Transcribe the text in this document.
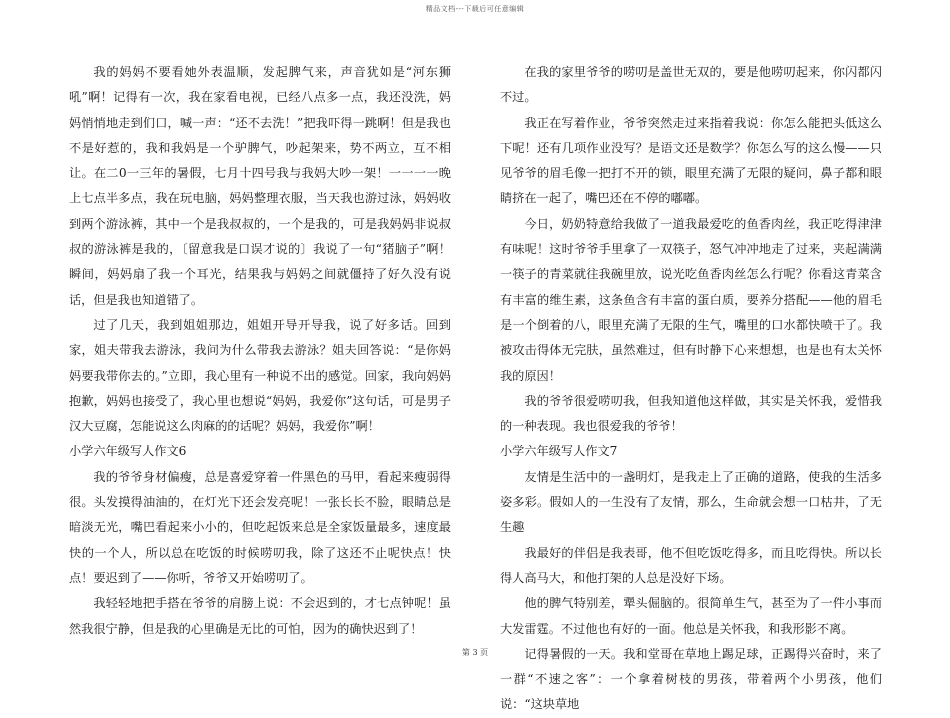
精品文档---下载后可任意编辑

我的妈妈不要看她外表温顺，发起脾气来，声音犹如是“河东狮吼”啊！记得有一次，我在家看电视，已经八点多一点，我还没洗，妈妈悄悄地走到们口，喊一声：“还不去洗！”把我吓得一跳啊！但是我也不是好惹的，我和我妈是一个驴脾气，吵起架来，势不两立，互不相让。在二0一三年的暑假，七月十四号我与我妈大吵一架！一一一一晚上七点半多点，我在玩电脑，妈妈整理衣服，当天我也游过泳，妈妈收到两个游泳裤，其中一个是我叔叔的，一个是我的，可是我妈妈非说叔叔的游泳裤是我的，〔留意我是口误才说的〕我说了一句“猪脑子”啊！瞬间，妈妈扇了我一个耳光，结果我与妈妈之间就僵持了好久没有说话，但是我也知道错了。

过了几天，我到姐姐那边，姐姐开导开导我，说了好多话。回到家，姐夫带我去游泳，我问为什么带我去游泳？姐夫回答说：“是你妈妈要我带你去的。”立即，我心里有一种说不出的感觉。回家，我向妈妈抱歉，妈妈也接受了，我心里也想说“妈妈，我爱你”这句话，可是男子汉大豆腐，怎能说这么肉麻的的话呢？妈妈，我爱你”啊！

小学六年级写人作文6

我的爷爷身材偏瘦，总是喜爱穿着一件黑色的马甲，看起来瘦弱得很。头发摸得油油的，在灯光下还会发亮呢！一张长长不脸，眼睛总是暗淡无光，嘴巴看起来小小的，但吃起饭来总是全家饭量最多，速度最快的一个人，所以总在吃饭的时候唠叨我，除了这还不止呢快点！快点！要迟到了——你听，爷爷又开始唠叨了。

我轻轻地把手搭在爷爷的肩膀上说：不会迟到的，才七点钟呢！虽然我很宁静，但是我的心里确是无比的可怕，因为的确快迟到了！

在我的家里爷爷的唠叨是盖世无双的，要是他唠叨起来，你闪都闪不过。

我正在写着作业，爷爷突然走过来指着我说：你怎么能把头低这么下呢！还有几项作业没写？是语文还是数学？你怎么写的这么慢——只见爷爷的眉毛像一把打不开的锁，眼里充满了无限的疑问，鼻子都和眼睛挤在一起了，嘴巴还在不停的嘟嘟。

今日，奶奶特意给我做了一道我最爱吃的鱼香肉丝，我正吃得津津有味呢！这时爷爷手里拿了一双筷子，怒气冲冲地走了过来，夹起满满一筷子的青菜就往我碗里放，说光吃鱼香肉丝怎么行呢？你看这青菜含有丰富的维生素，这条鱼含有丰富的蛋白质，要养分搭配——他的眉毛是一个倒着的八，眼里充满了无限的生气，嘴里的口水都快喷干了。我被攻击得体无完肤，虽然难过，但有时静下心来想想，也是也有太关怀我的原因！

我的爷爷很爱唠叨我，但我知道他这样做，其实是关怀我，爱惜我的一种表现。我也很爱我的爷爷！

小学六年级写人作文7

友情是生活中的一盏明灯，是我走上了正确的道路，使我的生活多姿多彩。假如人的一生没有了友情，那么，生命就会想一口枯井，了无生趣

我最好的伴侣是我表哥，他不但吃饭吃得多，而且吃得快。所以长得人高马大，和他打架的人总是没好下场。

他的脾气特别差，犟头倔脑的。很简单生气，甚至为了一件小事而大发雷霆。不过他也有好的一面。他总是关怀我，和我形影不离。

记得暑假的一天。我和堂哥在草地上踢足球，正踢得兴奋时，来了一群“不速之客”：一个拿着树枝的男孩，带着两个小男孩，他们说：“这块草地

第 3 页
